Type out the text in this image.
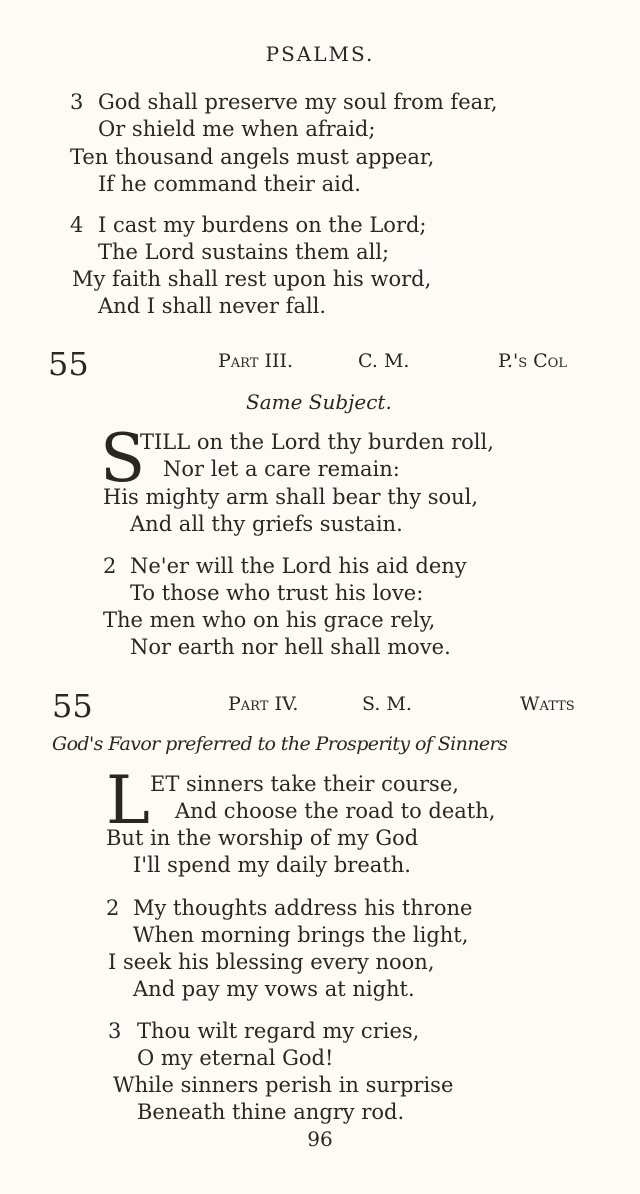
PSALMS.
3 God shall preserve my soul from fear,
Or shield me when afraid;
Ten thousand angels must appear,
If he command their aid.
4 I cast my burdens on the Lord;
The Lord sustains them all;
My faith shall rest upon his word,
And I shall never fall.
55	Part III.	C. M.	P.'s Col
Same Subject.
S
TILL on the Lord thy burden roll,
Nor let a care remain:
His mighty arm shall bear thy soul,
And all thy griefs sustain.
2 Ne'er will the Lord his aid deny
To those who trust his love:
The men who on his grace rely,
Nor earth nor hell shall move.
55	Part IV.	S. M.	Watts
God's Favor preferred to the Prosperity of Sinners
L ET sinners take their course,
And choose the road to death,
But in the worship of my God
I'll spend my daily breath.
2 My thoughts address his throne
When morning brings the light,
I seek his blessing every noon,
And pay my vows at night.
3 Thou wilt regard my cries,
O my eternal God!
While sinners perish in surprise
Beneath thine angry rod.
96
